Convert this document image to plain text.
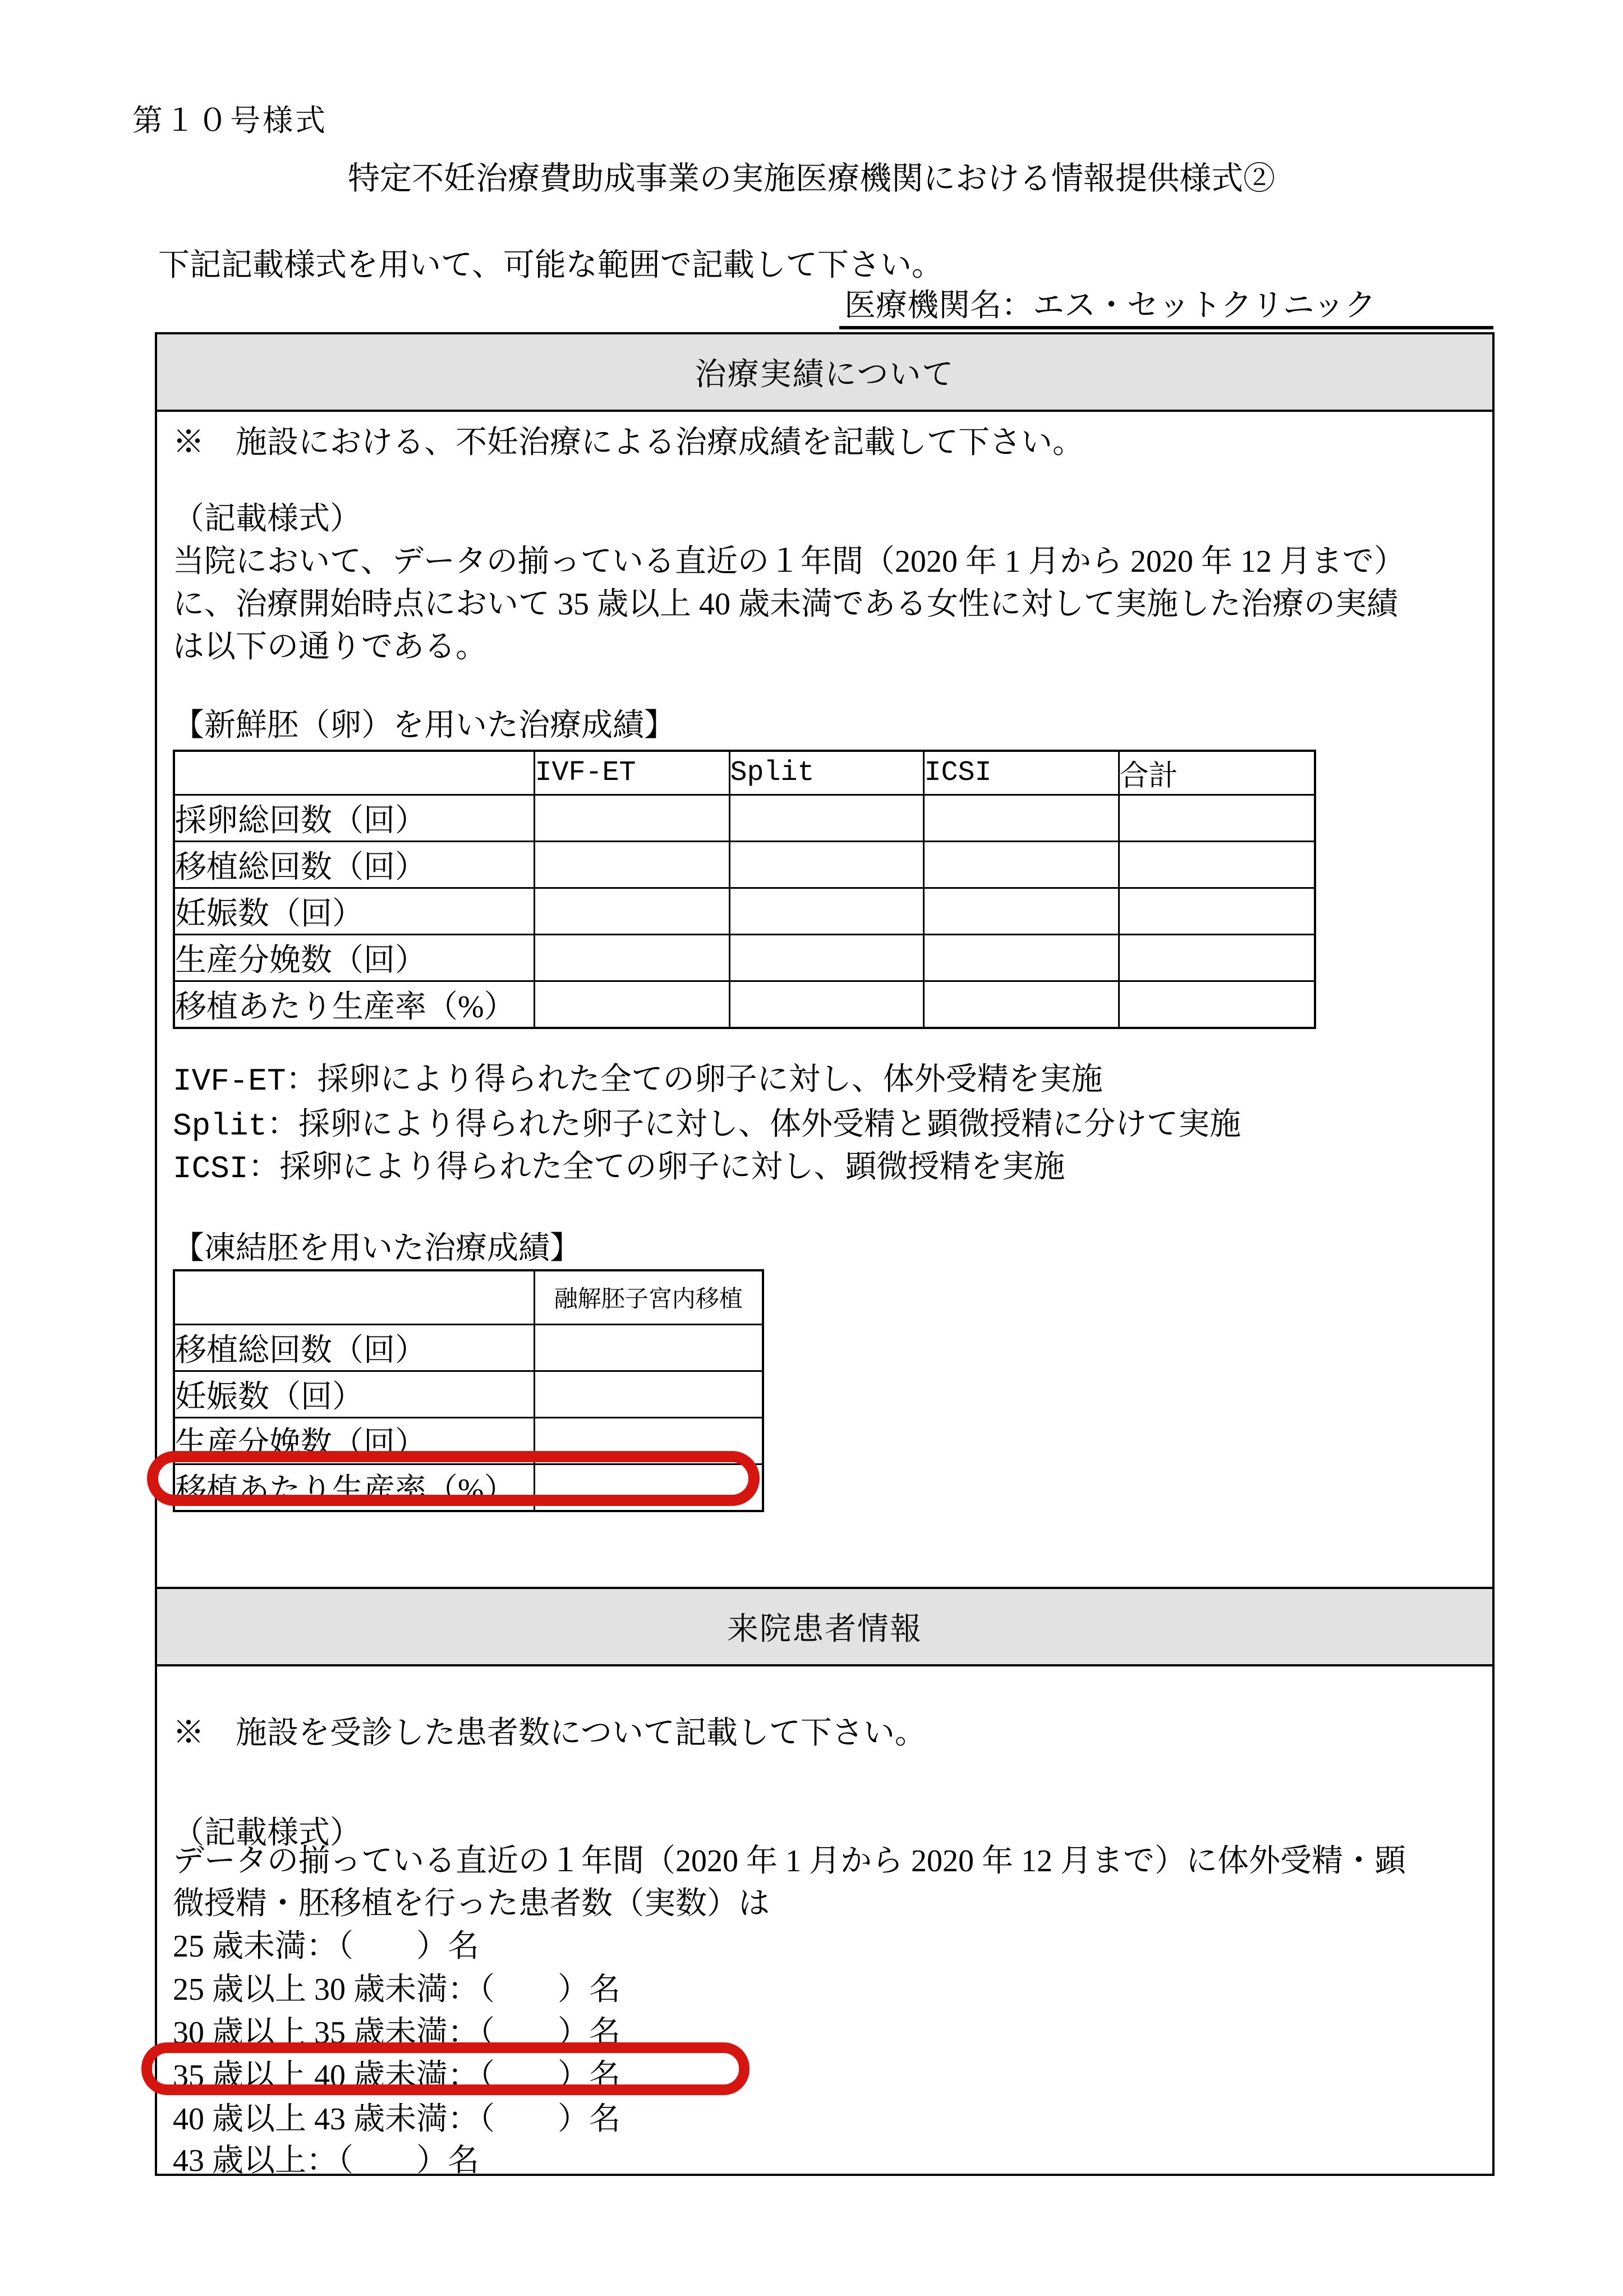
第１０号様式
特定不妊治療費助成事業の実施医療機関における情報提供様式②
下記記載様式を用いて、可能な範囲で記載して下さい。
医療機関名：エス・セットクリニック
治療実績について
※　施設における、不妊治療による治療成績を記載して下さい。
（記載様式）
当院において、データの揃っている直近の１年間（2020 年 1 月から 2020 年 12 月まで）
に、治療開始時点において 35 歳以上 40 歳未満である女性に対して実施した治療の実績
は以下の通りである。
【新鮮胚（卵）を用いた治療成績】
	IVF-ET	Split	ICSI	合計
採卵総回数（回）				
移植総回数（回）				
妊娠数（回）				
生産分娩数（回）				
移植あたり生産率（%）				
IVF-ET：採卵により得られた全ての卵子に対し、体外受精を実施
Split：採卵により得られた卵子に対し、体外受精と顕微授精に分けて実施
ICSI：採卵により得られた全ての卵子に対し、顕微授精を実施
【凍結胚を用いた治療成績】
	融解胚子宮内移植
移植総回数（回）	
妊娠数（回）	
生産分娩数（回）	
移植あたり生産率（%）	
来院患者情報
※　施設を受診した患者数について記載して下さい。
（記載様式）
データの揃っている直近の１年間（2020 年 1 月から 2020 年 12 月まで）に体外受精・顕
微授精・胚移植を行った患者数（実数）は
25 歳未満：（　　）名
25 歳以上 30 歳未満：（　　）名
30 歳以上 35 歳未満：（　　）名
35 歳以上 40 歳未満：（　　）名
40 歳以上 43 歳未満：（　　）名
43 歳以上：（　　）名
